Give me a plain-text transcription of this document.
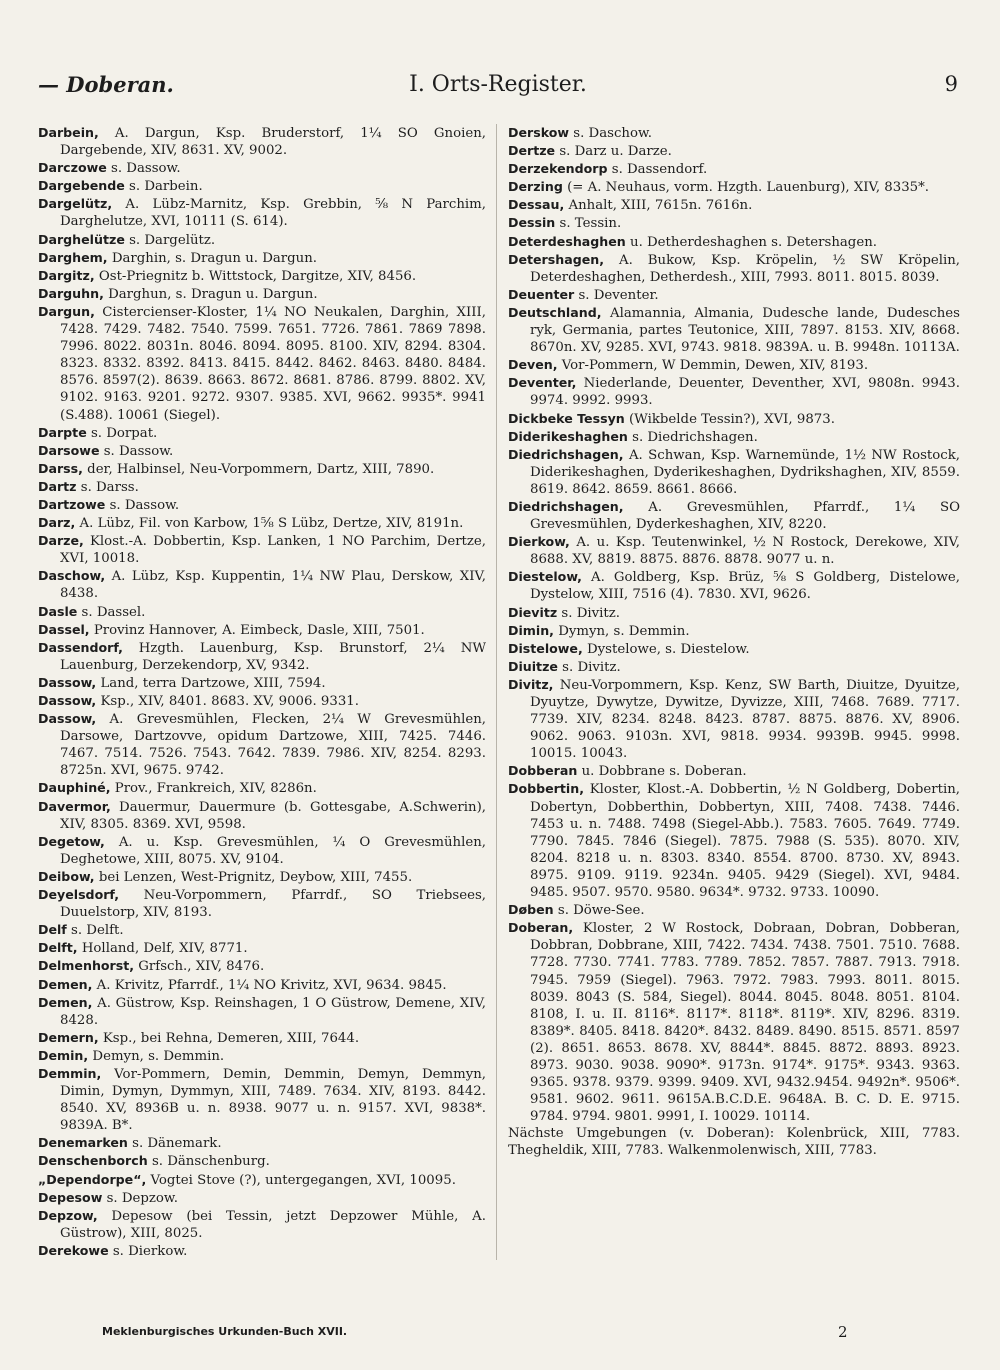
— Doberan.	I. Orts-Register.	9

Darbein, A. Dargun, Ksp. Bruderstorf, 1¼ SO Gnoien, Dargebende, XIV, 8631. XV, 9002.

Darczowe s. Dassow.

Dargebende s. Darbein.

Dargelütz, A. Lübz-Marnitz, Ksp. Grebbin, ⅝ N Parchim, Darghelutze, XVI, 10111 (S. 614).

Darghelütze s. Dargelütz.

Darghem, Darghin, s. Dragun u. Dargun.

Dargitz, Ost-Priegnitz b. Wittstock, Dargitze, XIV, 8456.

Darguhn, Darghun, s. Dragun u. Dargun.

Dargun, Cistercienser-Kloster, 1¼ NO Neukalen, Darghin, XIII, 7428. 7429. 7482. 7540. 7599. 7651. 7726. 7861. 7869 7898. 7996. 8022. 8031n. 8046. 8094. 8095. 8100. XIV, 8294. 8304. 8323. 8332. 8392. 8413. 8415. 8442. 8462. 8463. 8480. 8484. 8576. 8597(2). 8639. 8663. 8672. 8681. 8786. 8799. 8802. XV, 9102. 9163. 9201. 9272. 9307. 9385. XVI, 9662. 9935*. 9941 (S.488). 10061 (Siegel).

Darpte s. Dorpat.

Darsowe s. Dassow.

Darss, der, Halbinsel, Neu-Vorpommern, Dartz, XIII, 7890.

Dartz s. Darss.

Dartzowe s. Dassow.

Darz, A. Lübz, Fil. von Karbow, 1⅝ S Lübz, Dertze, XIV, 8191n.

Darze, Klost.-A. Dobbertin, Ksp. Lanken, 1 NO Parchim, Dertze, XVI, 10018.

Daschow, A. Lübz, Ksp. Kuppentin, 1¼ NW Plau, Derskow, XIV, 8438.

Dasle s. Dassel.

Dassel, Provinz Hannover, A. Eimbeck, Dasle, XIII, 7501.

Dassendorf, Hzgth. Lauenburg, Ksp. Brunstorf, 2¼ NW Lauenburg, Derzekendorp, XV, 9342.

Dassow, Land, terra Dartzowe, XIII, 7594.

Dassow, Ksp., XIV, 8401. 8683. XV, 9006. 9331.

Dassow, A. Grevesmühlen, Flecken, 2¼ W Grevesmühlen, Darsowe, Dartzovve, opidum Dartzowe, XIII, 7425. 7446. 7467. 7514. 7526. 7543. 7642. 7839. 7986. XIV, 8254. 8293. 8725n. XVI, 9675. 9742.

Dauphiné, Prov., Frankreich, XIV, 8286n.

Davermor, Dauermur, Dauermure (b. Gottesgabe, A.Schwerin), XIV, 8305. 8369. XVI, 9598.

Degetow, A. u. Ksp. Grevesmühlen, ¼ O Grevesmühlen, Deghetowe, XIII, 8075. XV, 9104.

Deibow, bei Lenzen, West-Prignitz, Deybow, XIII, 7455.

Deyelsdorf, Neu-Vorpommern, Pfarrdf., SO Triebsees, Duuelstorp, XIV, 8193.

Delf s. Delft.

Delft, Holland, Delf, XIV, 8771.

Delmenhorst, Grfsch., XIV, 8476.

Demen, A. Krivitz, Pfarrdf., 1¼ NO Krivitz, XVI, 9634. 9845.

Demen, A. Güstrow, Ksp. Reinshagen, 1 O Güstrow, Demene, XIV, 8428.

Demern, Ksp., bei Rehna, Demeren, XIII, 7644.

Demin, Demyn, s. Demmin.

Demmin, Vor-Pommern, Demin, Demmin, Demyn, Demmyn, Dimin, Dymyn, Dymmyn, XIII, 7489. 7634. XIV, 8193. 8442. 8540. XV, 8936B u. n. 8938. 9077 u. n. 9157. XVI, 9838*. 9839A. B*.

Denemarken s. Dänemark.

Denschenborch s. Dänschenburg.

„Dependorpe“, Vogtei Stove (?), untergegangen, XVI, 10095.

Depesow s. Depzow.

Depzow, Depesow (bei Tessin, jetzt Depzower Mühle, A. Güstrow), XIII, 8025.

Derekowe s. Dierkow.

Derskow s. Daschow.

Dertze s. Darz u. Darze.

Derzekendorp s. Dassendorf.

Derzing (= A. Neuhaus, vorm. Hzgth. Lauenburg), XIV, 8335*.

Dessau, Anhalt, XIII, 7615n. 7616n.

Dessin s. Tessin.

Deterdeshaghen u. Detherdeshaghen s. Detershagen.

Detershagen, A. Bukow, Ksp. Kröpelin, ½ SW Kröpelin, Deterdeshaghen, Detherdesh., XIII, 7993. 8011. 8015. 8039.

Deuenter s. Deventer.

Deutschland, Alamannia, Almania, Dudesche lande, Dudesches ryk, Germania, partes Teutonice, XIII, 7897. 8153. XIV, 8668. 8670n. XV, 9285. XVI, 9743. 9818. 9839A. u. B. 9948n. 10113A.

Deven, Vor-Pommern, W Demmin, Dewen, XIV, 8193.

Deventer, Niederlande, Deuenter, Deventher, XVI, 9808n. 9943. 9974. 9992. 9993.

Dickbeke Tessyn (Wikbelde Tessin?), XVI, 9873.

Diderikeshaghen s. Diedrichshagen.

Diedrichshagen, A. Schwan, Ksp. Warnemünde, 1½ NW Rostock, Diderikeshaghen, Dyderikeshaghen, Dydrikshaghen, XIV, 8559. 8619. 8642. 8659. 8661. 8666.

Diedrichshagen, A. Grevesmühlen, Pfarrdf., 1¼ SO Grevesmühlen, Dyderkeshaghen, XIV, 8220.

Dierkow, A. u. Ksp. Teutenwinkel, ½ N Rostock, Derekowe, XIV, 8688. XV, 8819. 8875. 8876. 8878. 9077 u. n.

Diestelow, A. Goldberg, Ksp. Brüz, ⅝ S Goldberg, Distelowe, Dystelow, XIII, 7516 (4). 7830. XVI, 9626.

Dievitz s. Divitz.

Dimin, Dymyn, s. Demmin.

Distelowe, Dystelowe, s. Diestelow.

Diuitze s. Divitz.

Divitz, Neu-Vorpommern, Ksp. Kenz, SW Barth, Diuitze, Dyuitze, Dyuytze, Dywytze, Dywitze, Dyvizze, XIII, 7468. 7689. 7717. 7739. XIV, 8234. 8248. 8423. 8787. 8875. 8876. XV, 8906. 9062. 9063. 9103n. XVI, 9818. 9934. 9939B. 9945. 9998. 10015. 10043.

Dobberan u. Dobbrane s. Doberan.

Dobbertin, Kloster, Klost.-A. Dobbertin, ½ N Goldberg, Dobertin, Dobertyn, Dobberthin, Dobbertyn, XIII, 7408. 7438. 7446. 7453 u. n. 7488. 7498 (Siegel-Abb.). 7583. 7605. 7649. 7749. 7790. 7845. 7846 (Siegel). 7875. 7988 (S. 535). 8070. XIV, 8204. 8218 u. n. 8303. 8340. 8554. 8700. 8730. XV, 8943. 8975. 9109. 9119. 9234n. 9405. 9429 (Siegel). XVI, 9484. 9485. 9507. 9570. 9580. 9634*. 9732. 9733. 10090.

Døben s. Döwe-See.

Doberan, Kloster, 2 W Rostock, Dobraan, Dobran, Dobberan, Dobbran, Dobbrane, XIII, 7422. 7434. 7438. 7501. 7510. 7688. 7728. 7730. 7741. 7783. 7789. 7852. 7857. 7887. 7913. 7918. 7945. 7959 (Siegel). 7963. 7972. 7983. 7993. 8011. 8015. 8039. 8043 (S. 584, Siegel). 8044. 8045. 8048. 8051. 8104. 8108, I. u. II. 8116*. 8117*. 8118*. 8119*. XIV, 8296. 8319. 8389*. 8405. 8418. 8420*. 8432. 8489. 8490. 8515. 8571. 8597 (2). 8651. 8653. 8678. XV, 8844*. 8845. 8872. 8893. 8923. 8973. 9030. 9038. 9090*. 9173n. 9174*. 9175*. 9343. 9363. 9365. 9378. 9379. 9399. 9409. XVI, 9432.9454. 9492n*. 9506*. 9581. 9602. 9611. 9615A.B.C.D.E. 9648A. B. C. D. E. 9715. 9784. 9794. 9801. 9991, I. 10029. 10114.

Nächste Umgebungen (v. Doberan): Kolenbrück, XIII, 7783. Thegheldik, XIII, 7783. Walkenmolenwisch, XIII, 7783.

Meklenburgisches Urkunden-Buch XVII.	2
